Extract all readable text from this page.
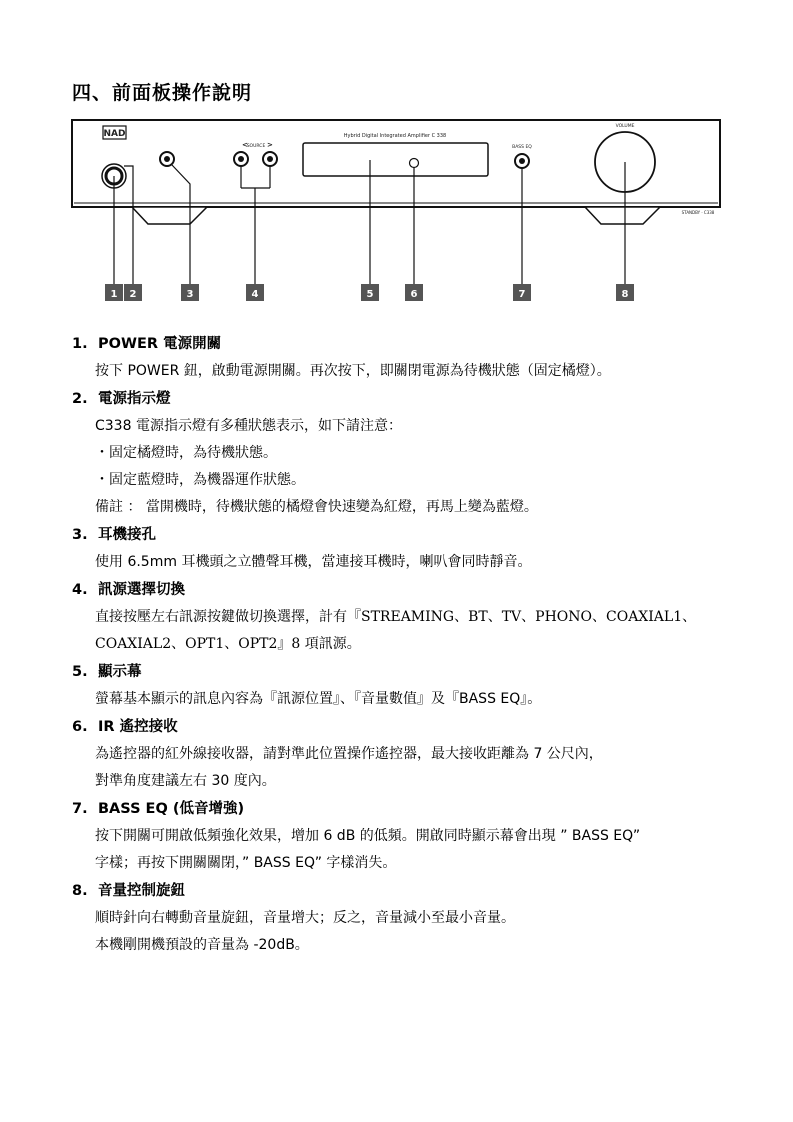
四、前面板操作說明
NAD
<
SOURCE >
Hybrid Digital Integrated Amplifier C 338
BASS EQ
VOLUME
STANDBY · C338
1 2	3	4	5	6	7	8
1. POWER 電源開關
按下 POWER 鈕，啟動電源開關。再次按下，即關閉電源為待機狀態（固定橘燈）。
2. 電源指示燈
C338 電源指示燈有多種狀態表示，如下請注意：
・固定橘燈時，為待機狀態。
・固定藍燈時，為機器運作狀態。
備註 ： 當開機時，待機狀態的橘燈會快速變為紅燈，再馬上變為藍燈。
3. 耳機接孔
使用 6.5mm 耳機頭之立體聲耳機，當連接耳機時，喇叭會同時靜音。
4. 訊源選擇切換
直接按壓左右訊源按鍵做切換選擇，計有『STREAMING、BT、TV、PHONO、COAXIAL1、
COAXIAL2、OPT1、OPT2』8 項訊源。
5. 顯示幕
螢幕基本顯示的訊息內容為『訊源位置』、『音量數值』及『BASS EQ』。
6. IR 遙控接收
為遙控器的紅外線接收器，請對準此位置操作遙控器，最大接收距離為 7 公尺內，
對準角度建議左右 30 度內。
7. BASS EQ (低音增強)
按下開關可開啟低頻強化效果，增加 6 dB 的低頻。開啟同時顯示幕會出現 ” BASS EQ”
字樣；再按下開關關閉，” BASS EQ” 字樣消失。
8. 音量控制旋鈕
順時針向右轉動音量旋鈕，音量增大；反之，音量減小至最小音量。
本機剛開機預設的音量為 -20dB。
